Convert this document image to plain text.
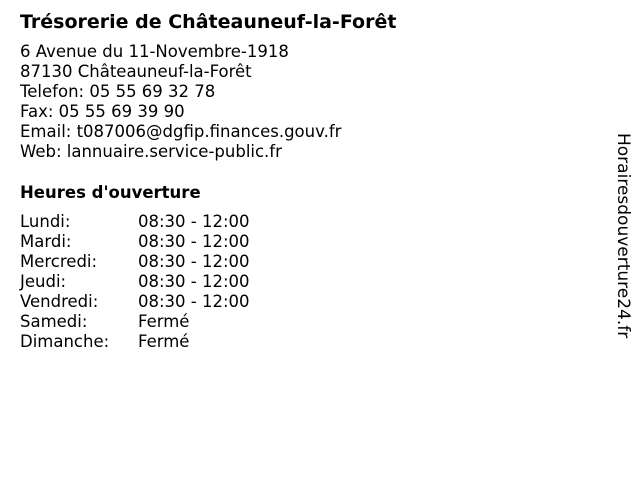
Trésorerie de Châteauneuf-la-Forêt
6 Avenue du 11-Novembre-1918
87130 Châteauneuf-la-Forêt
Telefon: 05 55 69 32 78
Fax: 05 55 69 39 90
Email: t087006@dgfip.finances.gouv.fr
Web: lannuaire.service-public.fr
Heures d'ouverture
Lundi:	08:30 - 12:00
Mardi:	08:30 - 12:00
Mercredi:	08:30 - 12:00
Jeudi:	08:30 - 12:00
Vendredi:	08:30 - 12:00
Samedi:	Fermé
Dimanche:	Fermé
Horairesdouverture24.fr
